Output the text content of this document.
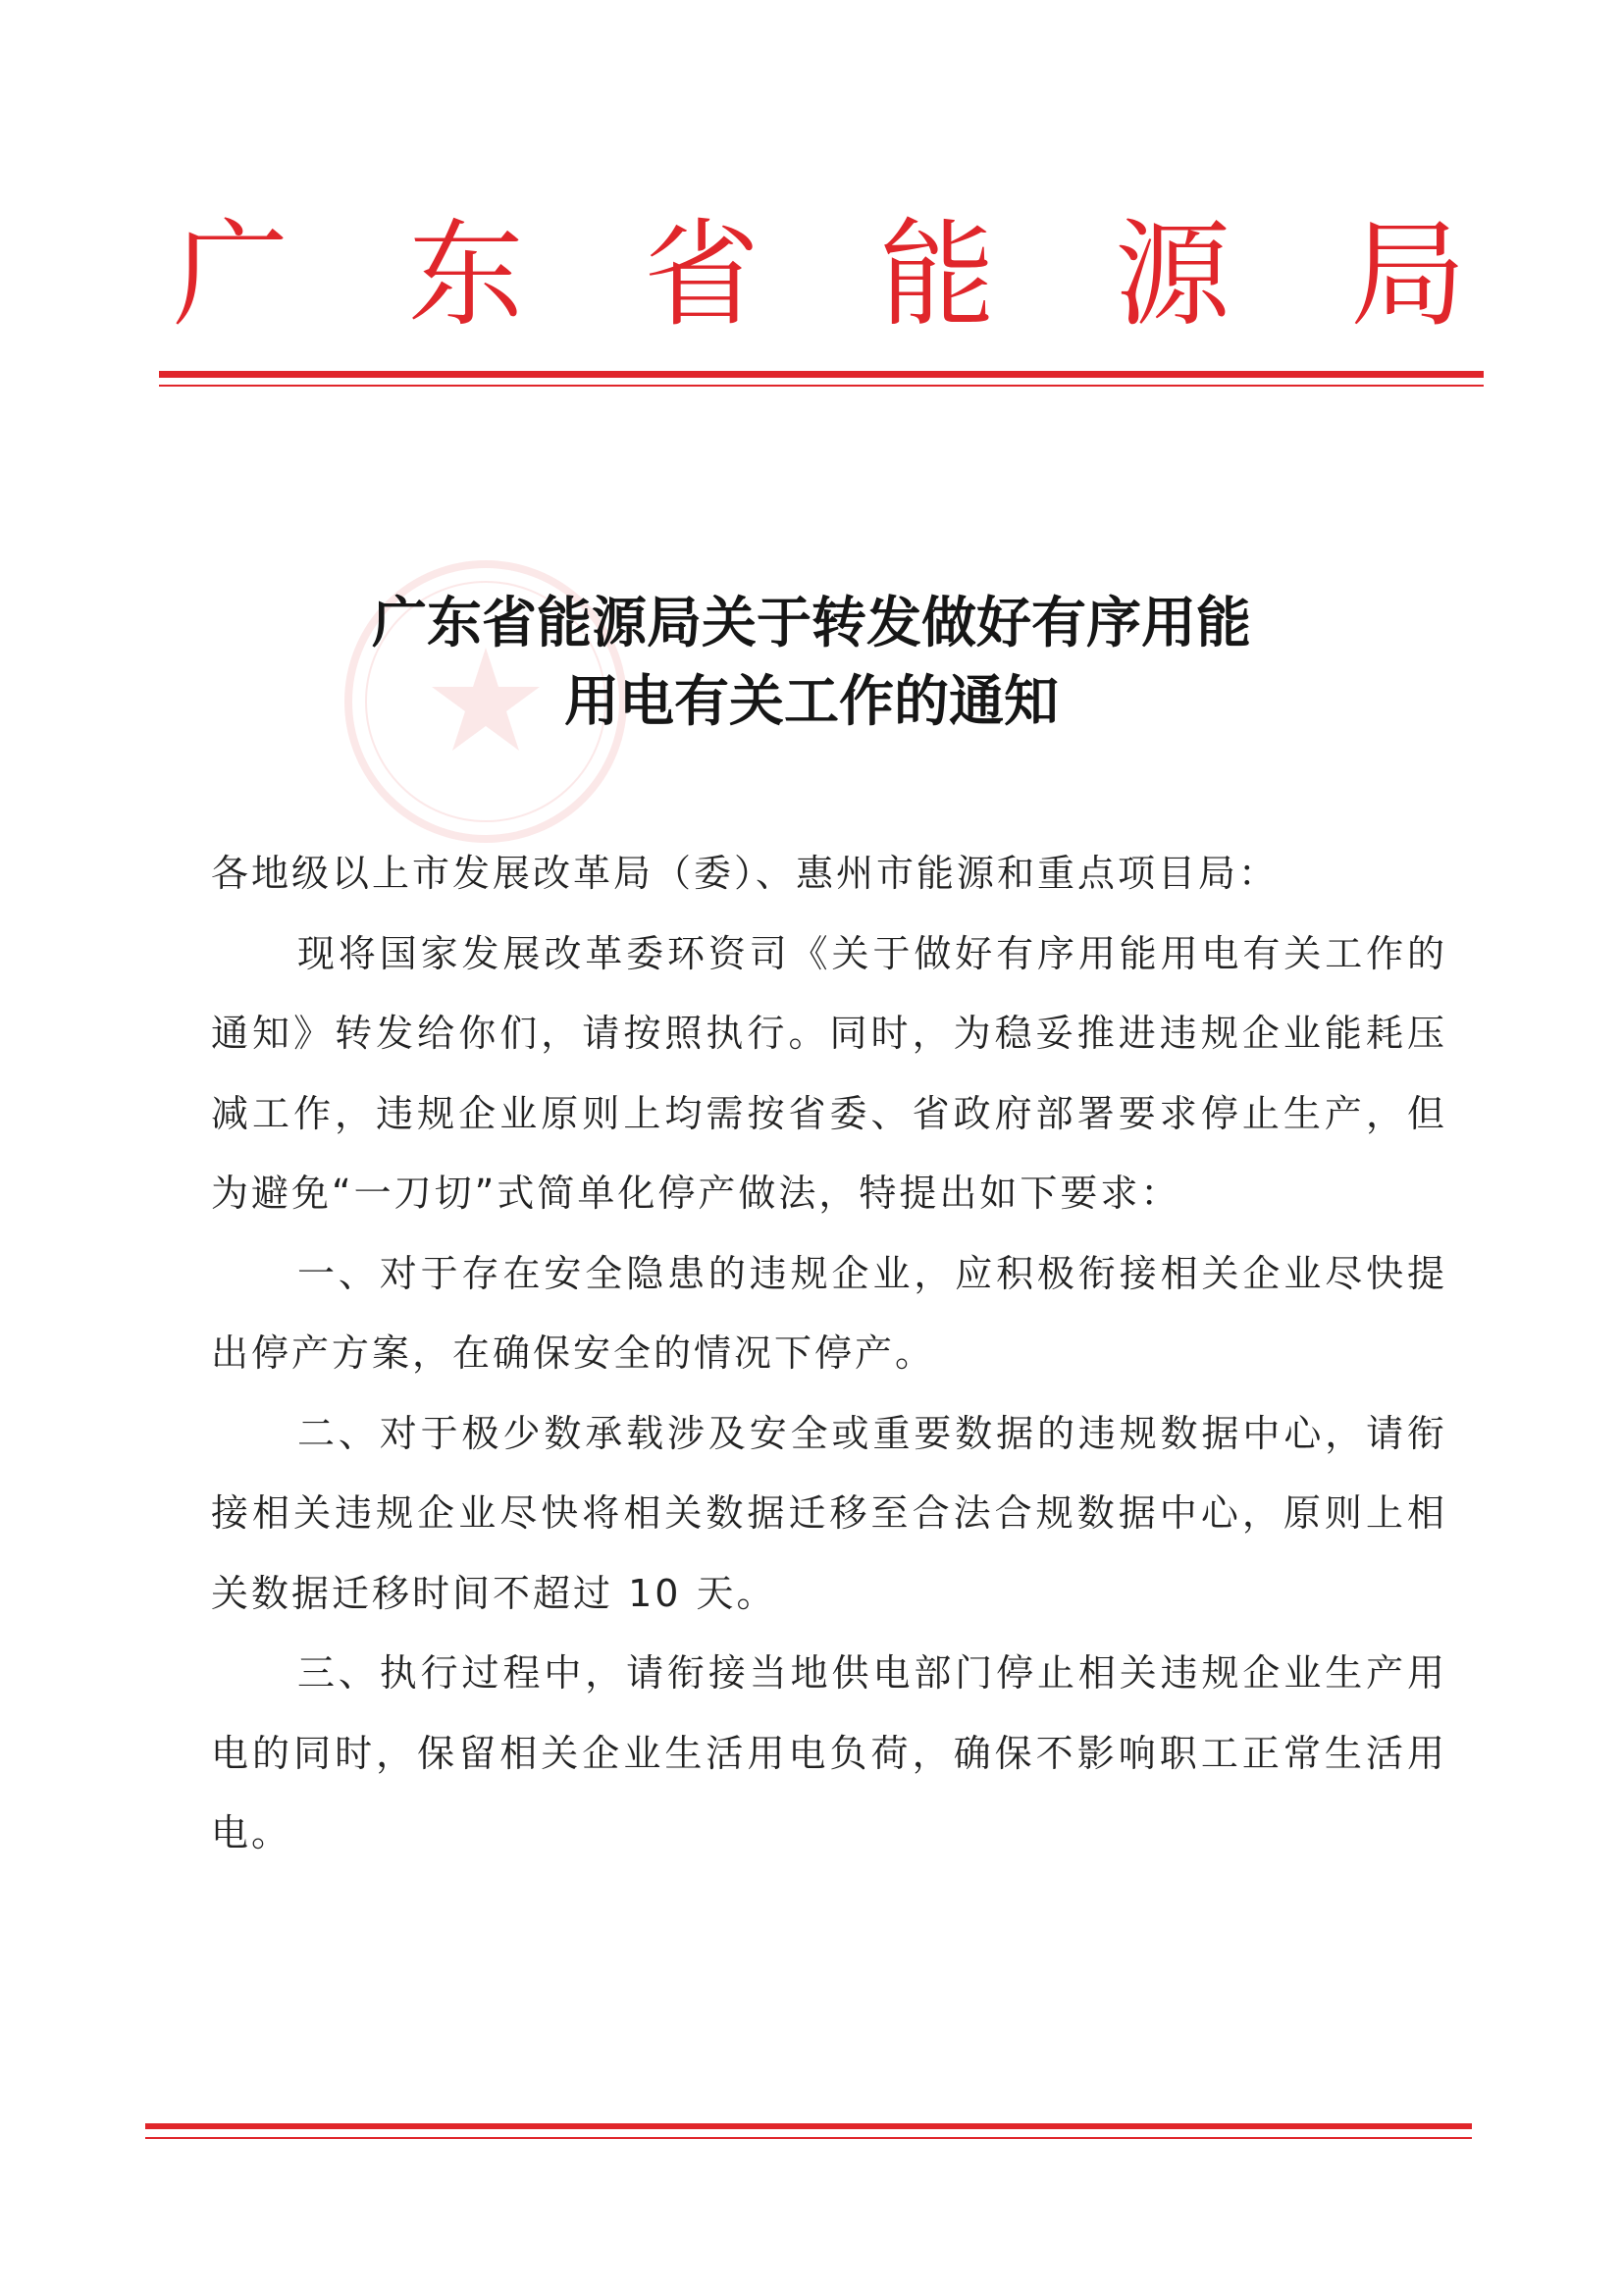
广 东 省 能 源 局
广东省能源局关于转发做好有序用能
用电有关工作的通知

各地级以上市发展改革局（委）、惠州市能源和重点项目局：

现将国家发展改革委环资司《关于做好有序用能用电有关工作的通知》转发给你们，请按照执行。同时，为稳妥推进违规企业能耗压减工作，违规企业原则上均需按省委、省政府部署要求停止生产，但为避免“一刀切”式简单化停产做法，特提出如下要求：

一、对于存在安全隐患的违规企业，应积极衔接相关企业尽快提出停产方案，在确保安全的情况下停产。

二、对于极少数承载涉及安全或重要数据的违规数据中心，请衔接相关违规企业尽快将相关数据迁移至合法合规数据中心，原则上相关数据迁移时间不超过 10 天。

三、执行过程中，请衔接当地供电部门停止相关违规企业生产用电的同时，保留相关企业生活用电负荷，确保不影响职工正常生活用电。
